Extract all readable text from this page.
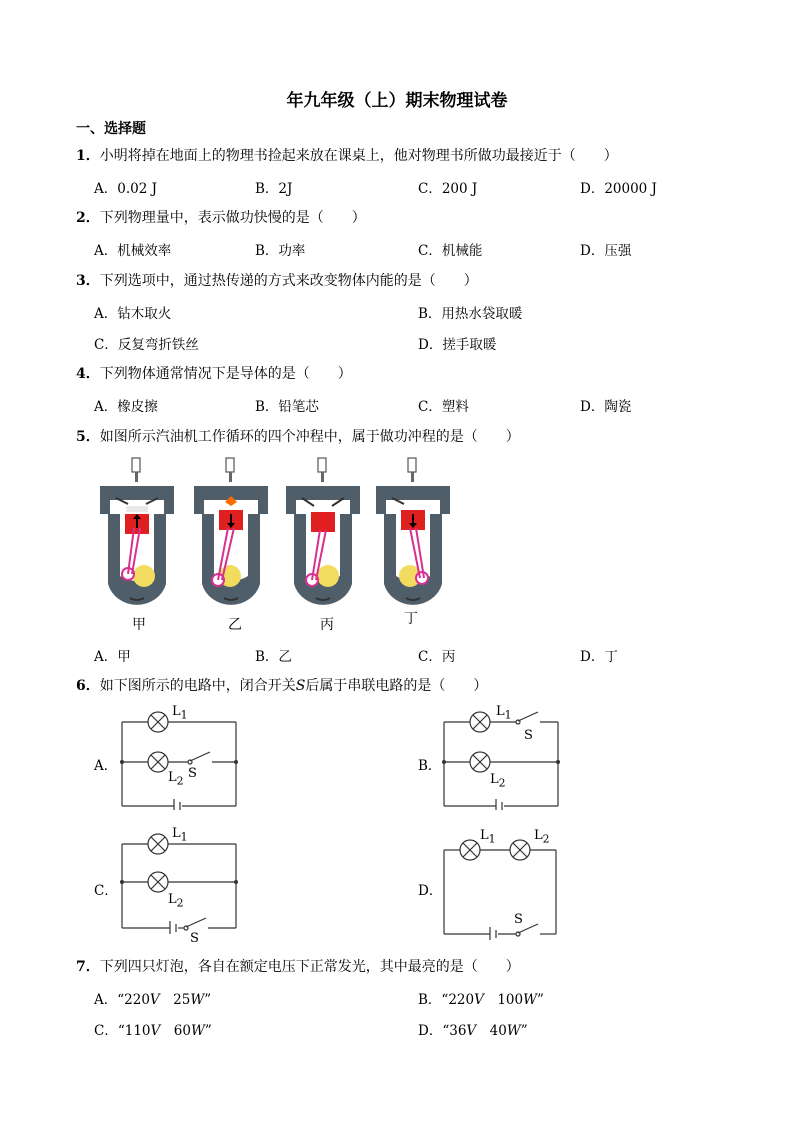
年九年级（上）期末物理试卷
一、选择题
1．小明将掉在地面上的物理书捡起来放在课桌上，他对物理书所做功最接近于（　　）
A．0.02 J	B．2J	C．200 J	D．20000 J
2．下列物理量中，表示做功快慢的是（　　）
A．机械效率	B．功率	C．机械能	D．压强
3．下列选项中，通过热传递的方式来改变物体内能的是（　　）
A．钻木取火	B．用热水袋取暖
C．反复弯折铁丝	D．搓手取暖
4．下列物体通常情况下是导体的是（　　）
A．橡皮擦	B．铅笔芯	C．塑料	D．陶瓷
5．如图所示汽油机工作循环的四个冲程中，属于做功冲程的是（　　）
甲	乙	丙	丁
A．甲	B．乙	C．丙	D．丁
6．如下图所示的电路中，闭合开关S后属于串联电路的是（　　）
A．
$L_1$
$L_2$
S	B．
$L_1$
S
$L_2$
C．
$L_1$
$L_2$
S
D．
$L_1$	$L_2$
S
7．下列四只灯泡，各自在额定电压下正常发光，其中最亮的是（　　）
A．“220V　25W”	B．“220V　100W”
C．“110V　60W”	D．“36V　40W”
